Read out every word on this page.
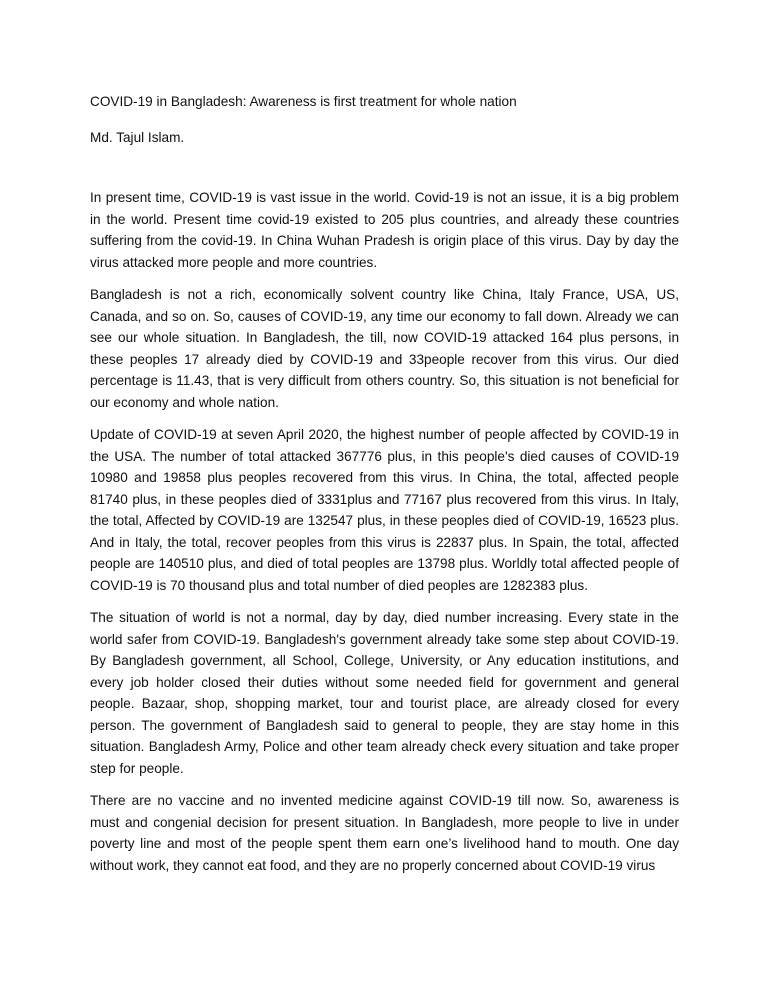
COVID-19 in Bangladesh: Awareness is first treatment for whole nation

Md. Tajul Islam.

In present time, COVID-19 is vast issue in the world. Covid-19 is not an issue, it is a big problem in the world. Present time covid-19 existed to 205 plus countries, and already these countries suffering from the covid-19. In China Wuhan Pradesh is origin place of this virus. Day by day the virus attacked more people and more countries.

Bangladesh is not a rich, economically solvent country like China, Italy France, USA, US, Canada, and so on. So, causes of COVID-19, any time our economy to fall down. Already we can see our whole situation. In Bangladesh, the till, now COVID-19 attacked 164 plus persons, in these peoples 17 already died by COVID-19 and 33people recover from this virus. Our died percentage is 11.43, that is very difficult from others country. So, this situation is not beneficial for our economy and whole nation.

Update of COVID-19 at seven April 2020, the highest number of people affected by COVID-19 in the USA. The number of total attacked 367776 plus, in this people's died causes of COVID-19 10980 and 19858 plus peoples recovered from this virus. In China, the total, affected people 81740 plus, in these peoples died of 3331plus and 77167 plus recovered from this virus. In Italy, the total, Affected by COVID-19 are 132547 plus, in these peoples died of COVID-19, 16523 plus. And in Italy, the total, recover peoples from this virus is 22837 plus. In Spain, the total, affected people are 140510 plus, and died of total peoples are 13798 plus. Worldly total affected people of COVID-19 is 70 thousand plus and total number of died peoples are 1282383 plus.

The situation of world is not a normal, day by day, died number increasing. Every state in the world safer from COVID-19. Bangladesh's government already take some step about COVID-19. By Bangladesh government, all School, College, University, or Any education institutions, and every job holder closed their duties without some needed field for government and general people. Bazaar, shop, shopping market, tour and tourist place, are already closed for every person. The government of Bangladesh said to general to people, they are stay home in this situation. Bangladesh Army, Police and other team already check every situation and take proper step for people.

There are no vaccine and no invented medicine against COVID-19 till now. So, awareness is must and congenial decision for present situation. In Bangladesh, more people to live in under poverty line and most of the people spent them earn one’s livelihood hand to mouth. One day without work, they cannot eat food, and they are no properly concerned about COVID-19 virus
